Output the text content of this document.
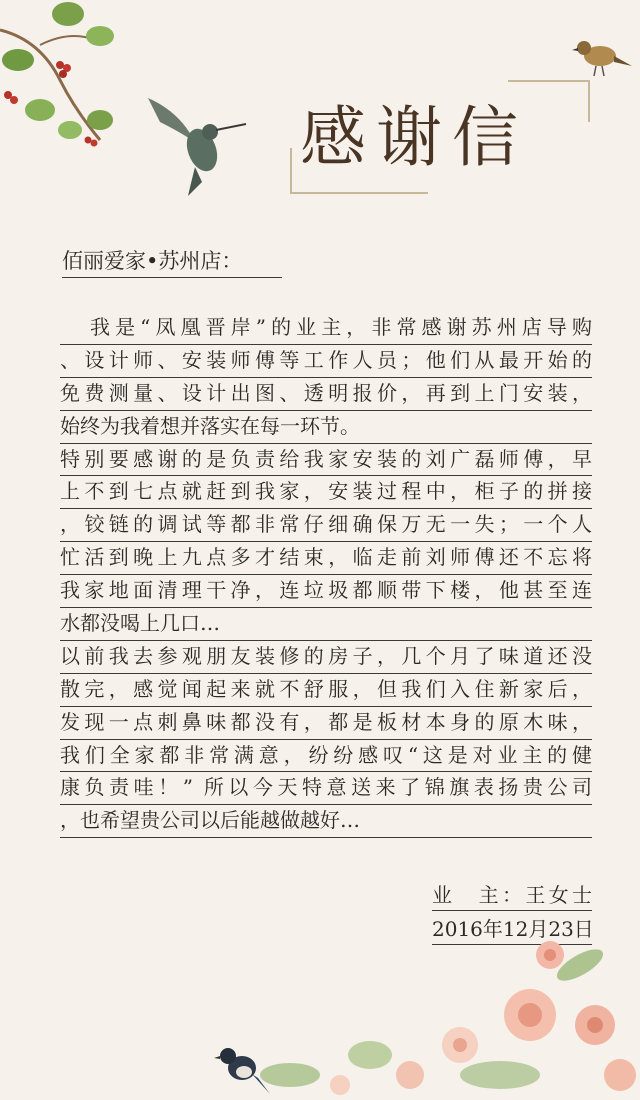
感谢信
佰丽爱家•苏州店：
我是“凤凰晋岸”的业主，非常感谢苏州店导购
、设计师、安装师傅等工作人员；他们从最开始的
免费测量、设计出图、透明报价，再到上门安装，
始终为我着想并落实在每一环节。
特别要感谢的是负责给我家安装的刘广磊师傅，早
上不到七点就赶到我家，安装过程中，柜子的拼接
，铰链的调试等都非常仔细确保万无一失；一个人
忙活到晚上九点多才结束，临走前刘师傅还不忘将
我家地面清理干净，连垃圾都顺带下楼，他甚至连
水都没喝上几口…
以前我去参观朋友装修的房子，几个月了味道还没
散完，感觉闻起来就不舒服，但我们入住新家后，
发现一点刺鼻味都没有，都是板材本身的原木味，
我们全家都非常满意，纷纷感叹“这是对业主的健
康负责哇！” 所以今天特意送来了锦旗表扬贵公司
，也希望贵公司以后能越做越好…
业　主：王女士
2016年12月23日
